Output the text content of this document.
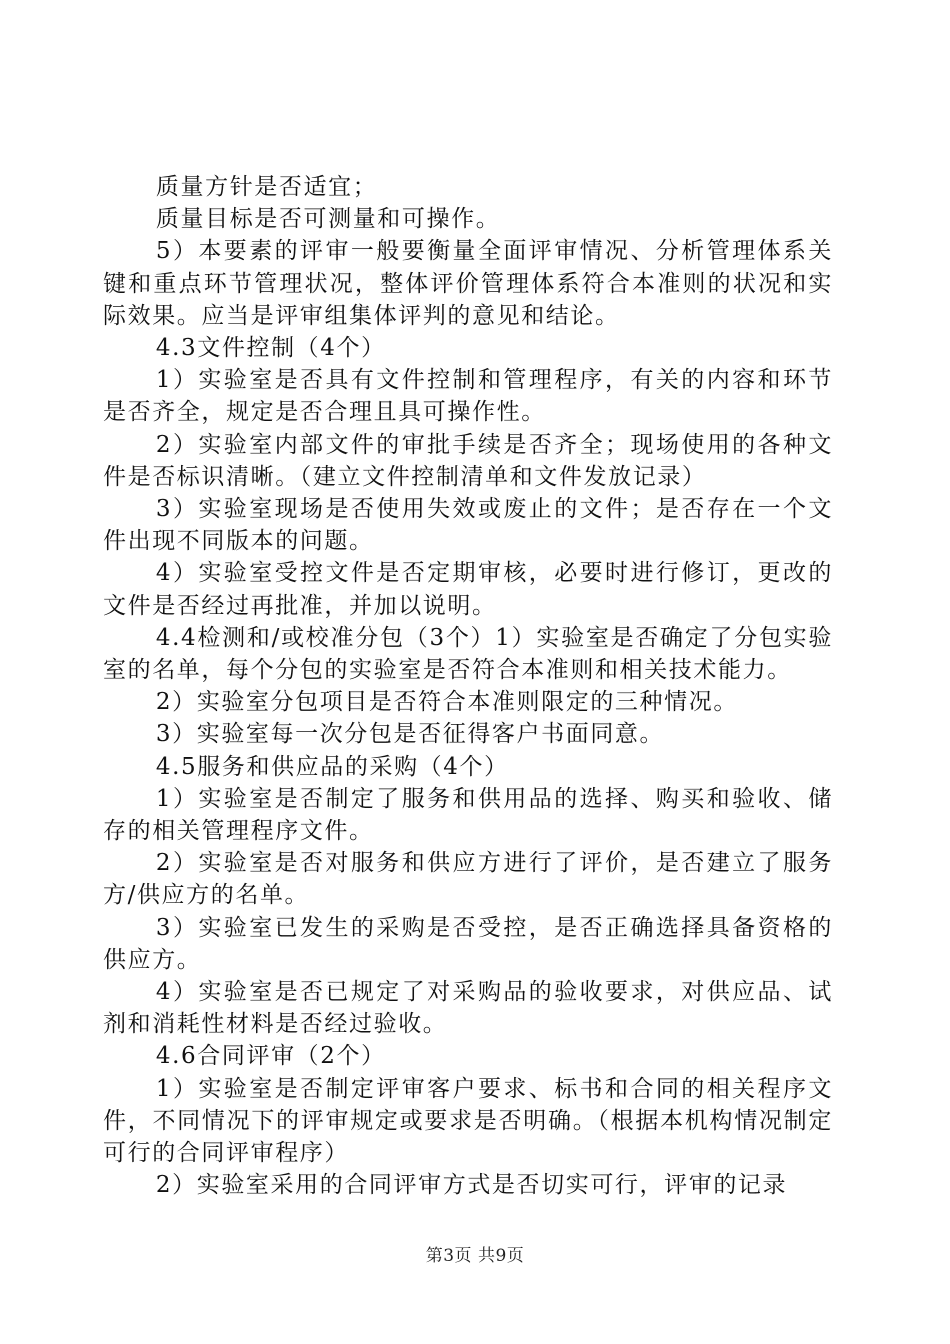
质量方针是否适宜；

质量目标是否可测量和可操作。

5）本要素的评审一般要衡量全面评审情况、分析管理体系关键和重点环节管理状况，整体评价管理体系符合本准则的状况和实际效果。应当是评审组集体评判的意见和结论。

4.3文件控制（4个）

1）实验室是否具有文件控制和管理程序，有关的内容和环节是否齐全，规定是否合理且具可操作性。

2）实验室内部文件的审批手续是否齐全；现场使用的各种文件是否标识清晰。（建立文件控制清单和文件发放记录）

3）实验室现场是否使用失效或废止的文件；是否存在一个文件出现不同版本的问题。

4）实验室受控文件是否定期审核，必要时进行修订，更改的文件是否经过再批准，并加以说明。

4.4检测和/或校准分包（3个）1）实验室是否确定了分包实验室的名单，每个分包的实验室是否符合本准则和相关技术能力。

2）实验室分包项目是否符合本准则限定的三种情况。

3）实验室每一次分包是否征得客户书面同意。

4.5服务和供应品的采购（4个）

1）实验室是否制定了服务和供用品的选择、购买和验收、储存的相关管理程序文件。

2）实验室是否对服务和供应方进行了评价，是否建立了服务方/供应方的名单。

3）实验室已发生的采购是否受控，是否正确选择具备资格的供应方。

4）实验室是否已规定了对采购品的验收要求，对供应品、试剂和消耗性材料是否经过验收。

4.6合同评审（2个）

1）实验室是否制定评审客户要求、标书和合同的相关程序文件，不同情况下的评审规定或要求是否明确。（根据本机构情况制定可行的合同评审程序）

2）实验室采用的合同评审方式是否切实可行，评审的记录

第3页 共9页
